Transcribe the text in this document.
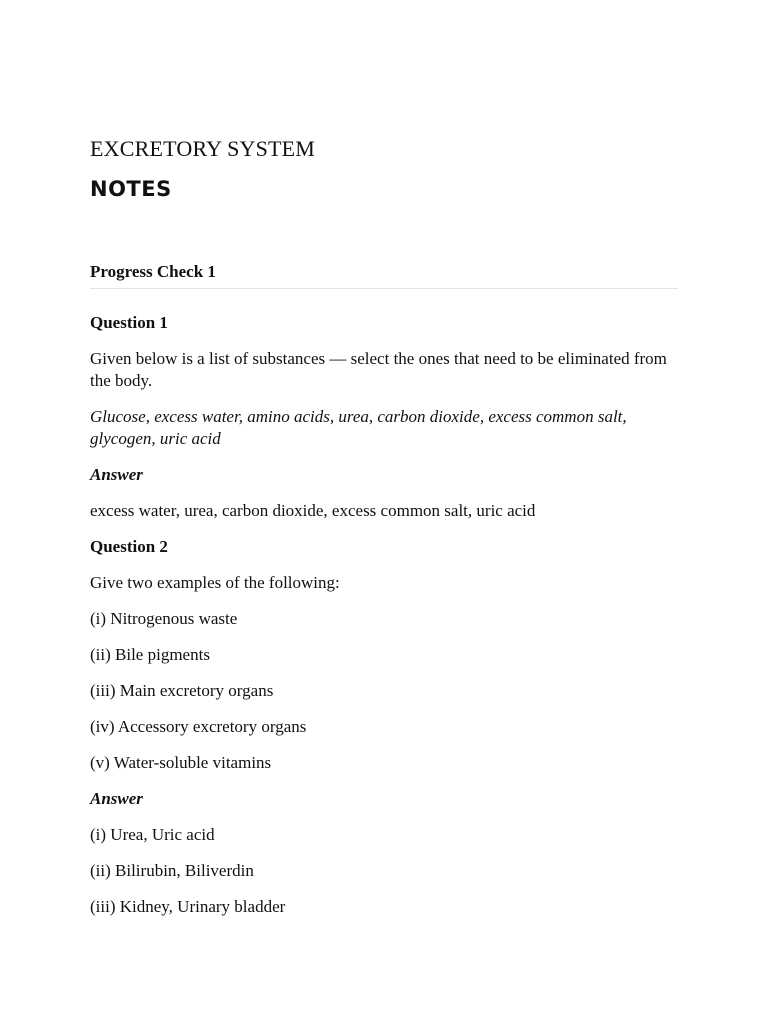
EXCRETORY SYSTEM
NOTES
Progress Check 1

Question 1

Given below is a list of substances — select the ones that need to be eliminated from the body.

Glucose, excess water, amino acids, urea, carbon dioxide, excess common salt, glycogen, uric acid

Answer

excess water, urea, carbon dioxide, excess common salt, uric acid

Question 2

Give two examples of the following:

(i) Nitrogenous waste

(ii) Bile pigments

(iii) Main excretory organs

(iv) Accessory excretory organs

(v) Water-soluble vitamins

Answer

(i) Urea, Uric acid

(ii) Bilirubin, Biliverdin

(iii) Kidney, Urinary bladder
